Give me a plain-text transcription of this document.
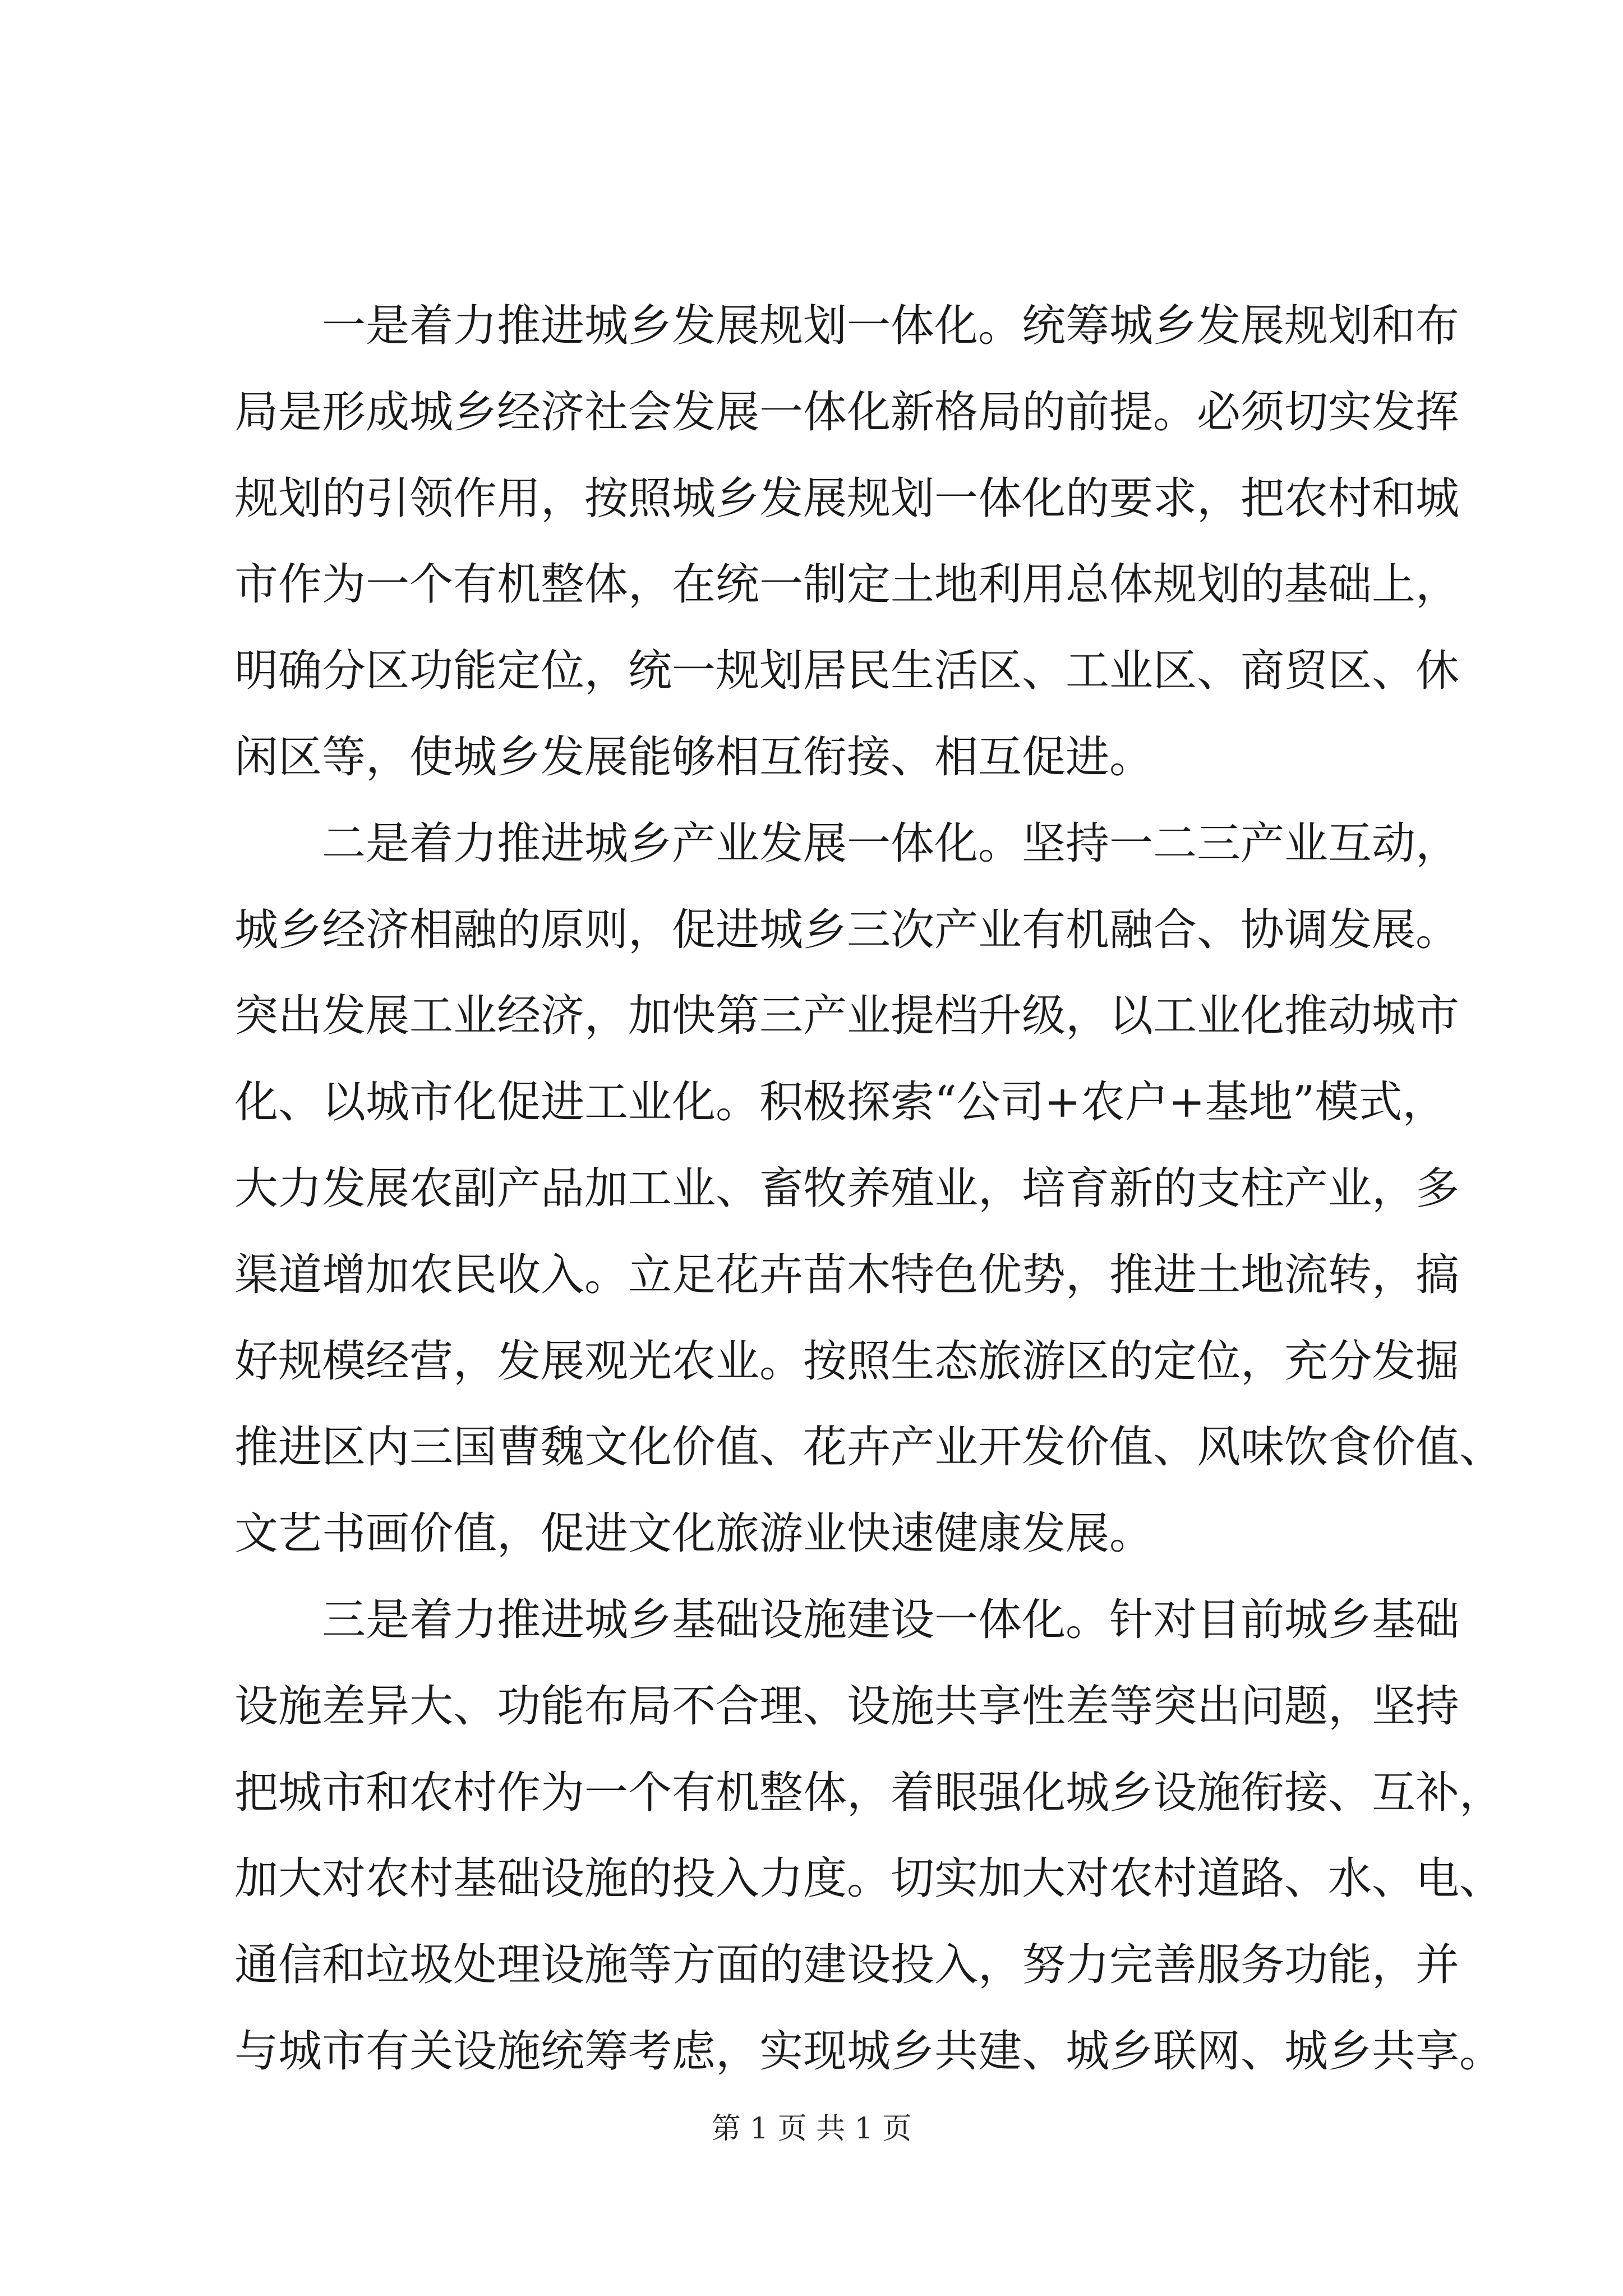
一是着力推进城乡发展规划一体化。统筹城乡发展规划和布
局是形成城乡经济社会发展一体化新格局的前提。必须切实发挥
规划的引领作用，按照城乡发展规划一体化的要求，把农村和城
市作为一个有机整体，在统一制定土地利用总体规划的基础上，
明确分区功能定位，统一规划居民生活区、工业区、商贸区、休
闲区等，使城乡发展能够相互衔接、相互促进。
二是着力推进城乡产业发展一体化。坚持一二三产业互动，
城乡经济相融的原则，促进城乡三次产业有机融合、协调发展。
突出发展工业经济，加快第三产业提档升级，以工业化推动城市
化、以城市化促进工业化。积极探索“公司+农户+基地”模式，
大力发展农副产品加工业、畜牧养殖业，培育新的支柱产业，多
渠道增加农民收入。立足花卉苗木特色优势，推进土地流转，搞
好规模经营，发展观光农业。按照生态旅游区的定位，充分发掘
推进区内三国曹魏文化价值、花卉产业开发价值、风味饮食价值、
文艺书画价值，促进文化旅游业快速健康发展。
三是着力推进城乡基础设施建设一体化。针对目前城乡基础
设施差异大、功能布局不合理、设施共享性差等突出问题，坚持
把城市和农村作为一个有机整体，着眼强化城乡设施衔接、互补，
加大对农村基础设施的投入力度。切实加大对农村道路、水、电、
通信和垃圾处理设施等方面的建设投入，努力完善服务功能，并
与城市有关设施统筹考虑，实现城乡共建、城乡联网、城乡共享。
第 1 页 共 1 页
